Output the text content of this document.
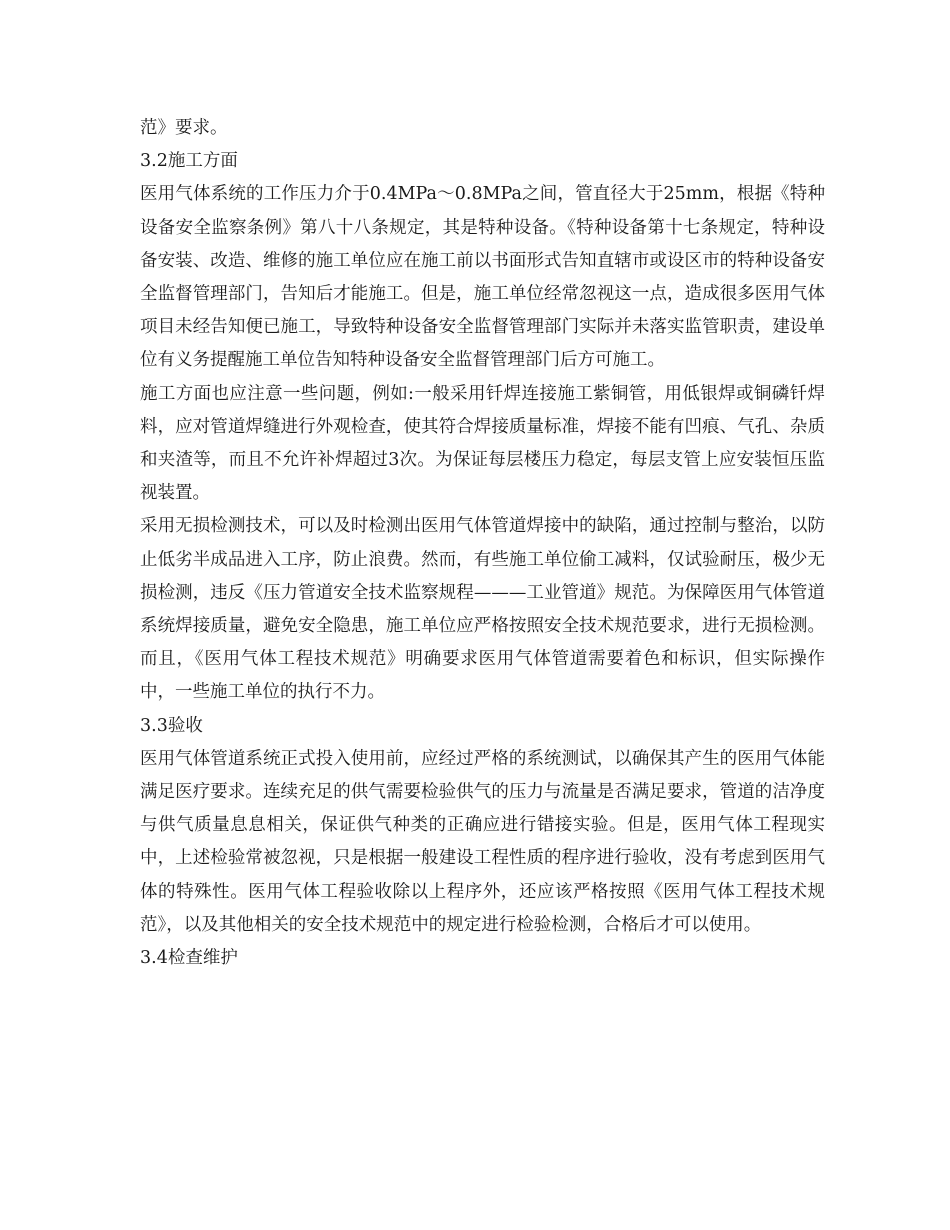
范》要求。

3.2施工方面

医用气体系统的工作压力介于0.4MPa～0.8MPa之间，管直径大于25mm，根据《特种设备安全监察条例》第八十八条规定，其是特种设备。《特种设备第十七条规定，特种设备安装、改造、维修的施工单位应在施工前以书面形式告知直辖市或设区市的特种设备安全监督管理部门，告知后才能施工。但是，施工单位经常忽视这一点，造成很多医用气体项目未经告知便已施工，导致特种设备安全监督管理部门实际并未落实监管职责，建设单位有义务提醒施工单位告知特种设备安全监督管理部门后方可施工。

施工方面也应注意一些问题，例如:一般采用钎焊连接施工紫铜管，用低银焊或铜磷钎焊料，应对管道焊缝进行外观检查，使其符合焊接质量标准，焊接不能有凹痕、气孔、杂质和夹渣等，而且不允许补焊超过3次。为保证每层楼压力稳定，每层支管上应安装恒压监视装置。

采用无损检测技术，可以及时检测出医用气体管道焊接中的缺陷，通过控制与整治，以防止低劣半成品进入工序，防止浪费。然而，有些施工单位偷工减料，仅试验耐压，极少无损检测，违反《压力管道安全技术监察规程———工业管道》规范。为保障医用气体管道系统焊接质量，避免安全隐患，施工单位应严格按照安全技术规范要求，进行无损检测。而且，《医用气体工程技术规范》明确要求医用气体管道需要着色和标识，但实际操作中，一些施工单位的执行不力。

3.3验收

医用气体管道系统正式投入使用前，应经过严格的系统测试，以确保其产生的医用气体能满足医疗要求。连续充足的供气需要检验供气的压力与流量是否满足要求，管道的洁净度与供气质量息息相关，保证供气种类的正确应进行错接实验。但是，医用气体工程现实中，上述检验常被忽视，只是根据一般建设工程性质的程序进行验收，没有考虑到医用气体的特殊性。医用气体工程验收除以上程序外，还应该严格按照《医用气体工程技术规范》，以及其他相关的安全技术规范中的规定进行检验检测，合格后才可以使用。

3.4检查维护
